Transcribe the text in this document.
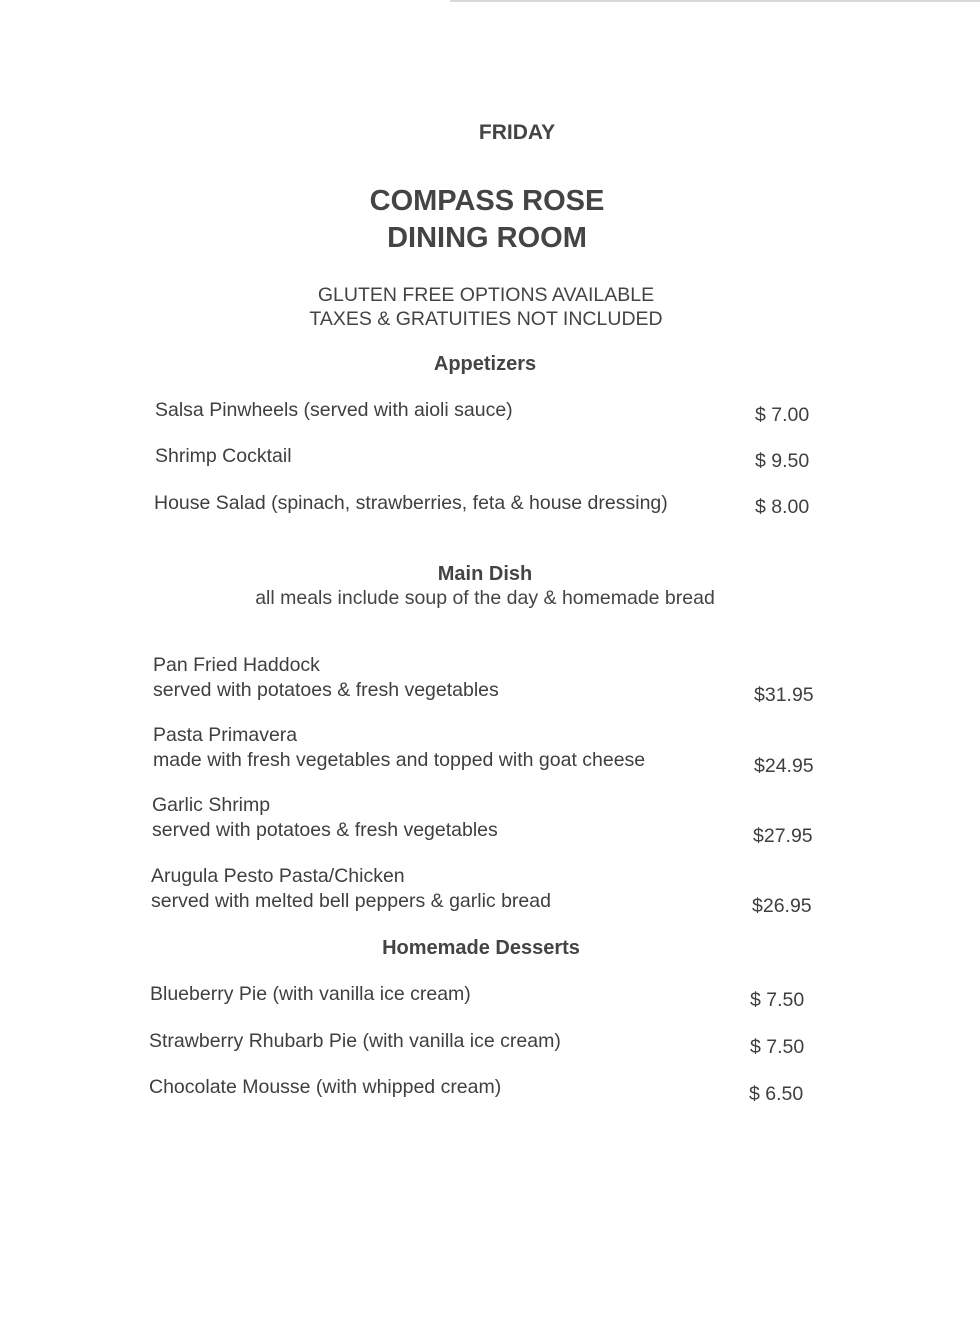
FRIDAY
COMPASS ROSE
DINING ROOM
GLUTEN FREE OPTIONS AVAILABLE
TAXES & GRATUITIES NOT INCLUDED
Appetizers
Salsa Pinwheels (served with aioli sauce)	$ 7.00
Shrimp Cocktail	$ 9.50
House Salad (spinach, strawberries, feta & house dressing)	$ 8.00
Main Dish
all meals include soup of the day & homemade bread
Pan Fried Haddock
served with potatoes & fresh vegetables	$31.95
Pasta Primavera
made with fresh vegetables and topped with goat cheese	$24.95
Garlic Shrimp
served with potatoes & fresh vegetables	$27.95
Arugula Pesto Pasta/Chicken
served with melted bell peppers & garlic bread	$26.95
Homemade Desserts
Blueberry Pie (with vanilla ice cream)	$ 7.50
Strawberry Rhubarb Pie (with vanilla ice cream)	$ 7.50
Chocolate Mousse (with whipped cream)	$ 6.50
